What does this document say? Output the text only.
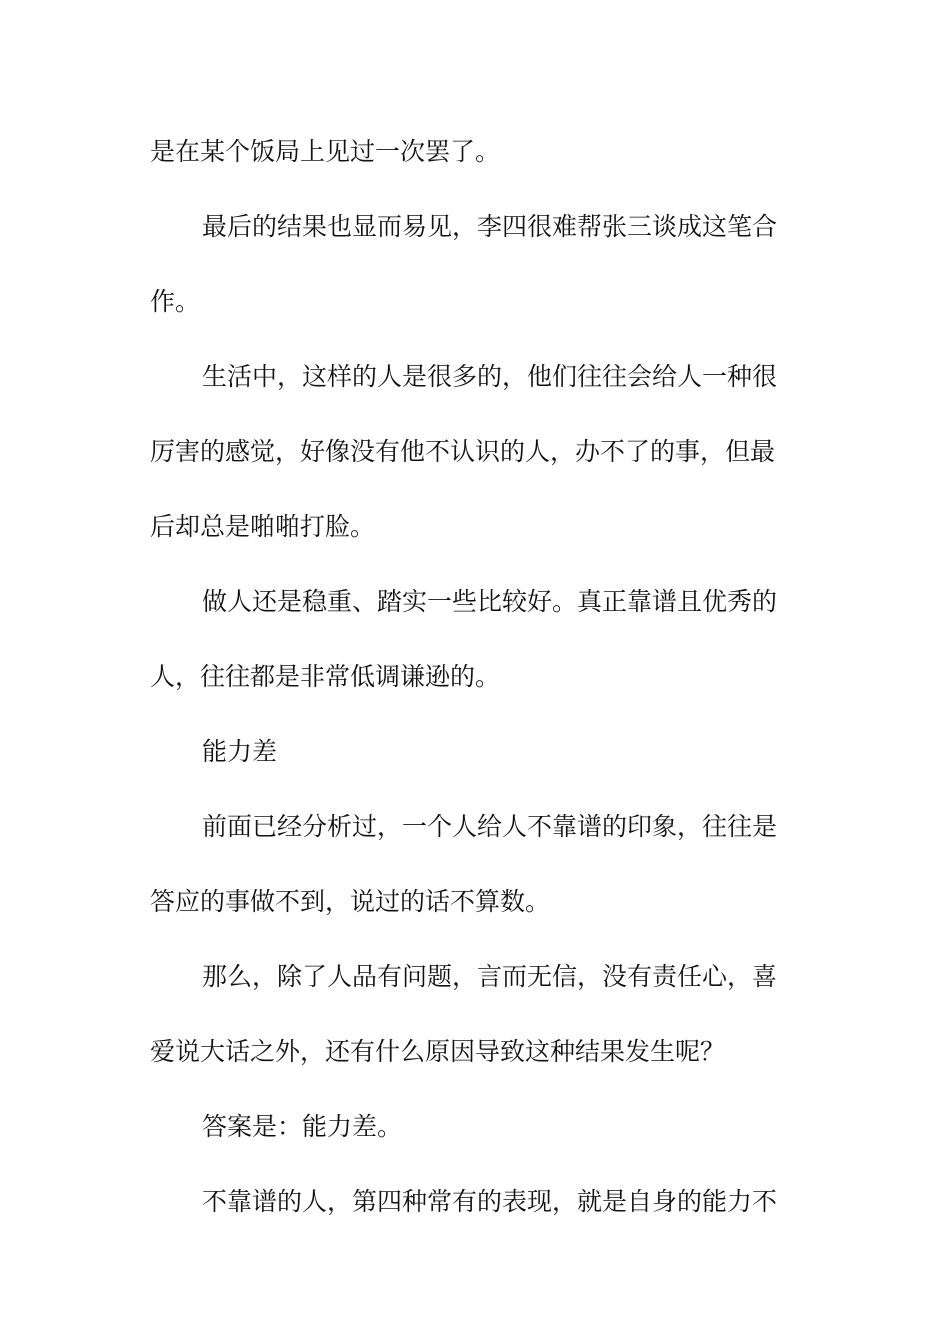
是在某个饭局上见过一次罢了。
最后的结果也显而易见，李四很难帮张三谈成这笔合
作。
生活中，这样的人是很多的，他们往往会给人一种很
厉害的感觉，好像没有他不认识的人，办不了的事，但最
后却总是啪啪打脸。
做人还是稳重、踏实一些比较好。真正靠谱且优秀的
人，往往都是非常低调谦逊的。
能力差
前面已经分析过，一个人给人不靠谱的印象，往往是
答应的事做不到，说过的话不算数。
那么，除了人品有问题，言而无信，没有责任心，喜
爱说大话之外，还有什么原因导致这种结果发生呢？
答案是：能力差。
不靠谱的人，第四种常有的表现，就是自身的能力不
